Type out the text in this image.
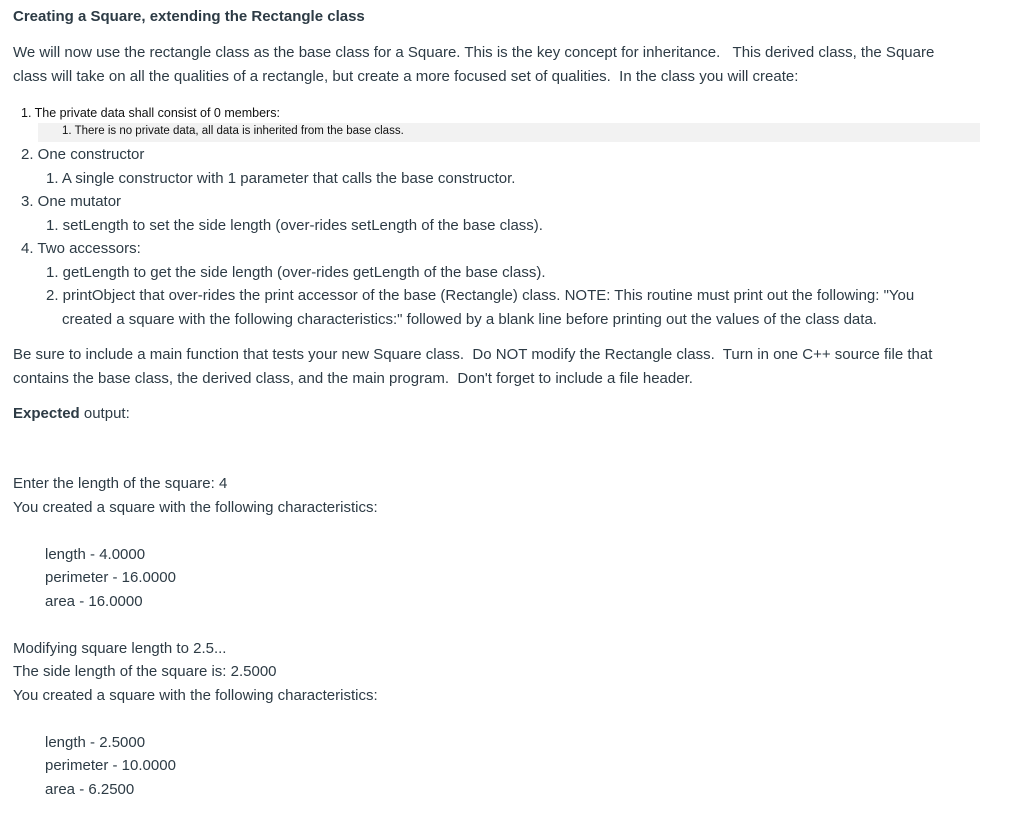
Creating a Square, extending the Rectangle class
We will now use the rectangle class as the base class for a Square. This is the key concept for inheritance.   This derived class, the Square
class will take on all the qualities of a rectangle, but create a more focused set of qualities.  In the class you will create:
1. The private data shall consist of 0 members:
1. There is no private data, all data is inherited from the base class.
2. One constructor
1. A single constructor with 1 parameter that calls the base constructor.
3. One mutator
1. setLength to set the side length (over-rides setLength of the base class).
4. Two accessors:
1. getLength to get the side length (over-rides getLength of the base class).
2. printObject that over-rides the print accessor of the base (Rectangle) class. NOTE: This routine must print out the following: "You
created a square with the following characteristics:" followed by a blank line before printing out the values of the class data.
Be sure to include a main function that tests your new Square class.  Do NOT modify the Rectangle class.  Turn in one C++ source file that
contains the base class, the derived class, and the main program.  Don't forget to include a file header.
Expected output:
Enter the length of the square: 4
You created a square with the following characteristics:
length - 4.0000
perimeter - 16.0000
area - 16.0000
Modifying square length to 2.5...
The side length of the square is: 2.5000
You created a square with the following characteristics:
length - 2.5000
perimeter - 10.0000
area - 6.2500
